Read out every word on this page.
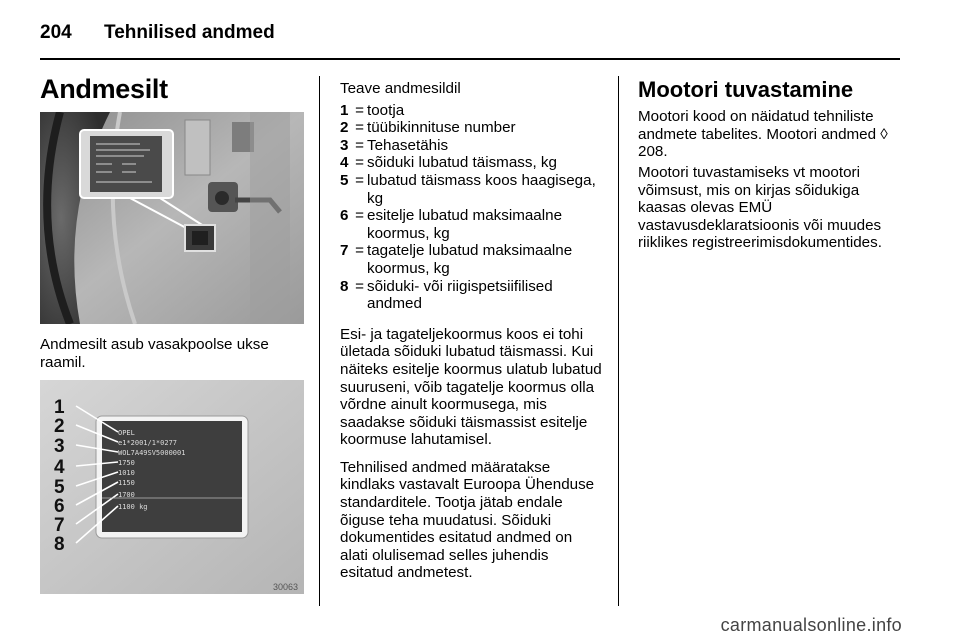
204 Tehnilised andmed
Andmesilt

Andmesilt asub vasakpoolse ukse raamil.

OPEL
e1*2001/1*0277
WOL7A49SV5000001
1750
1010
1150
1700
1100 kg
1
2
3
4
5
6
7
8
30063

Teave andmesildil

1 = tootja
2 = tüübikinnituse number
3 = Tehasetähis
4 = sõiduki lubatud täismass, kg
5 = lubatud täismass koos haagisega, kg
6 = esitelje lubatud maksimaalne koormus, kg
7 = tagatelje lubatud maksimaalne koormus, kg
8 = sõiduki- või riigispetsiifilised andmed

Esi- ja tagateljekoormus koos ei tohi ületada sõiduki lubatud täismassi. Kui näiteks esitelje koormus ulatub lubatud suuruseni, võib tagatelje koormus olla võrdne ainult koormusega, mis saadakse sõiduki täismassist esitelje koormuse lahutamisel.

Tehnilised andmed määratakse kindlaks vastavalt Euroopa Ühenduse standarditele. Tootja jätab endale õiguse teha muudatusi. Sõiduki dokumentides esitatud andmed on alati olulisemad selles juhendis esitatud andmetest.

Mootori tuvastamine

Mootori kood on näidatud tehniliste andmete tabelites. Mootori andmed ◊ 208.

Mootori tuvastamiseks vt mootori võimsust, mis on kirjas sõidukiga kaasas olevas EMÜ vastavusdeklaratsioonis või muudes riiklikes registreerimisdokumentides.

carmanualsonline.info
